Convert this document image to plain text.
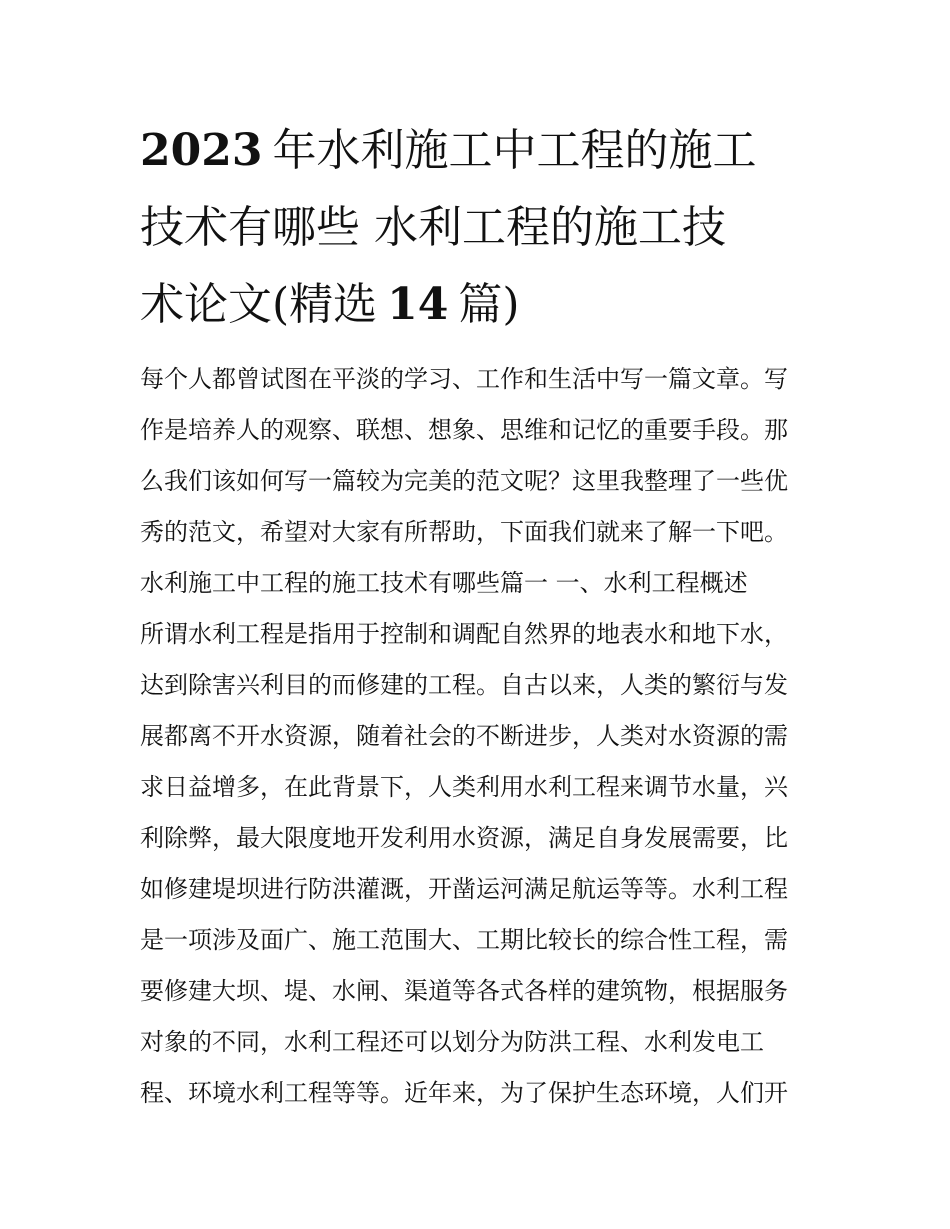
2023 年水利施工中工程的施工
技术有哪些 水利工程的施工技
术论文(精选 14 篇)

每个人都曾试图在平淡的学习、工作和生活中写一篇文章。写

作是培养人的观察、联想、想象、思维和记忆的重要手段。那

么我们该如何写一篇较为完美的范文呢？这里我整理了一些优

秀的范文，希望对大家有所帮助，下面我们就来了解一下吧。

水利施工中工程的施工技术有哪些篇一 一、水利工程概述

所谓水利工程是指用于控制和调配自然界的地表水和地下水，

达到除害兴利目的而修建的工程。自古以来，人类的繁衍与发

展都离不开水资源，随着社会的不断进步，人类对水资源的需

求日益增多，在此背景下，人类利用水利工程来调节水量，兴

利除弊，最大限度地开发利用水资源，满足自身发展需要，比

如修建堤坝进行防洪灌溉，开凿运河满足航运等等。水利工程

是一项涉及面广、施工范围大、工期比较长的综合性工程，需

要修建大坝、堤、水闸、渠道等各式各样的建筑物，根据服务

对象的不同，水利工程还可以划分为防洪工程、水利发电工

程、环境水利工程等等。近年来，为了保护生态环境，人们开
